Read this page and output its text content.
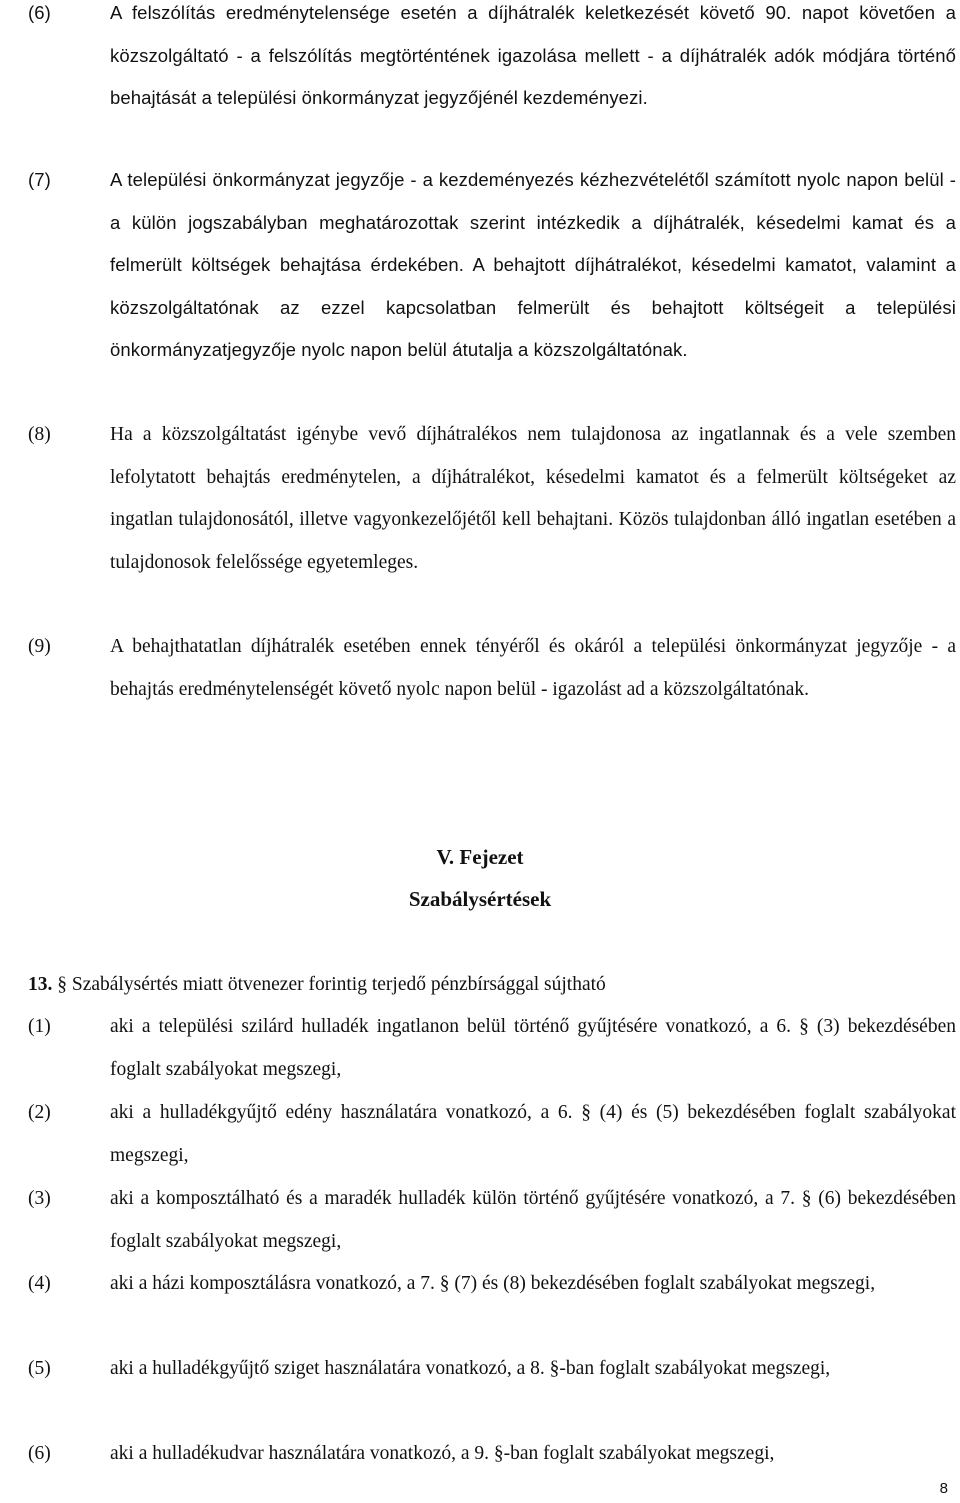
(6)	A felszólítás eredménytelensége esetén a díjhátralék keletkezését követő 90. napot követően a közszolgáltató - a felszólítás megtörténtének igazolása mellett - a díjhátralék adók módjára történő behajtását a települési önkormányzat jegyzőjénél kezdeményezi.
(7)	A települési önkormányzat jegyzője - a kezdeményezés kézhezvételétől számított nyolc napon belül - a külön jogszabályban meghatározottak szerint intézkedik a díjhátralék, késedelmi kamat és a felmerült költségek behajtása érdekében. A behajtott díjhátralékot, késedelmi kamatot, valamint a közszolgáltatónak az ezzel kapcsolatban felmerült és behajtott költségeit a települési önkormányzatjegyzője nyolc napon belül átutalja a közszolgáltatónak.
(8)	Ha a közszolgáltatást igénybe vevő díjhátralékos nem tulajdonosa az ingatlannak és a vele szemben lefolytatott behajtás eredménytelen, a díjhátralékot, késedelmi kamatot és a felmerült költségeket az ingatlan tulajdonosától, illetve vagyonkezelőjétől kell behajtani. Közös tulajdonban álló ingatlan esetében a tulajdonosok felelőssége egyetemleges.
(9)	A behajthatatlan díjhátralék esetében ennek tényéről és okáról a települési önkormányzat jegyzője - a behajtás eredménytelenségét követő nyolc napon belül - igazolást ad a közszolgáltatónak.
V. Fejezet
Szabálysértések
13. § Szabálysértés miatt ötvenezer forintig terjedő pénzbírsággal sújtható
(1)	aki a települési szilárd hulladék ingatlanon belül történő gyűjtésére vonatkozó, a 6. § (3) bekezdésében foglalt szabályokat megszegi,
(2)	aki a hulladékgyűjtő edény használatára vonatkozó, a 6. § (4) és (5) bekezdésében foglalt szabályokat megszegi,
(3)	aki a komposztálható és a maradék hulladék külön történő gyűjtésére vonatkozó, a 7. § (6) bekezdésében foglalt szabályokat megszegi,
(4)	aki a házi komposztálásra vonatkozó, a 7. § (7) és (8) bekezdésében foglalt szabályokat megszegi,
(5)	aki a hulladékgyűjtő sziget használatára vonatkozó, a 8. §-ban foglalt szabályokat megszegi,
(6)	aki a hulladékudvar használatára vonatkozó, a 9. §-ban foglalt szabályokat megszegi,
8
